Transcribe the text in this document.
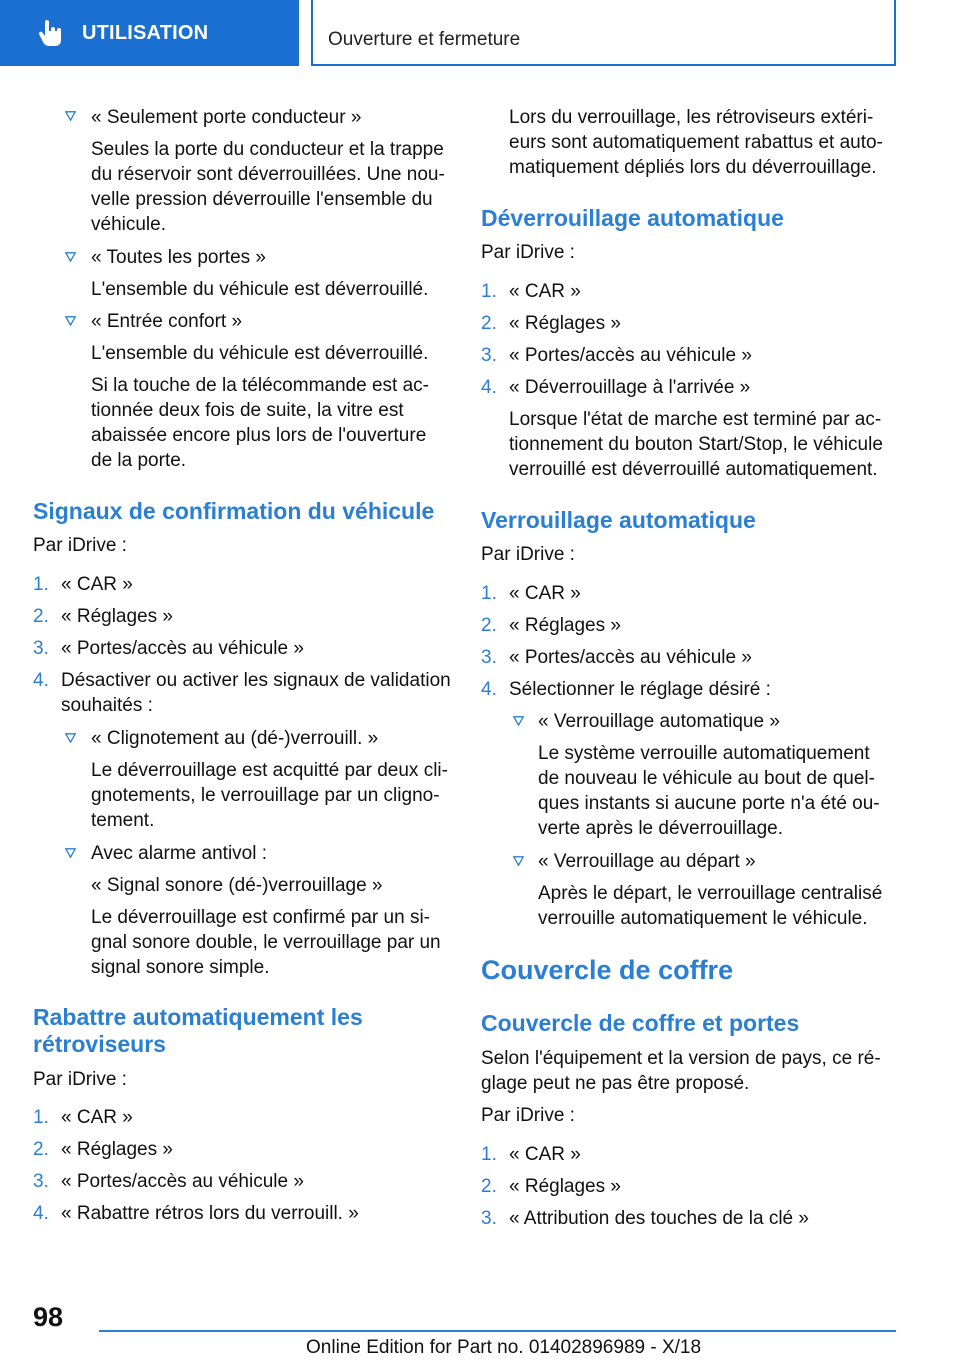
UTILISATION	Ouverture et fermeture
« Seulement porte conducteur »
Seules la porte du conducteur et la trappe
du réservoir sont déverrouillées. Une nou-
velle pression déverrouille l'ensemble du
véhicule.
« Toutes les portes »
L'ensemble du véhicule est déverrouillé.
« Entrée confort »
L'ensemble du véhicule est déverrouillé.
Si la touche de la télécommande est ac-
tionnée deux fois de suite, la vitre est
abaissée encore plus lors de l'ouverture
de la porte.
Signaux de confirmation du véhicule
Par iDrive :
1. « CAR »
2. « Réglages »
3. « Portes/accès au véhicule »
4. Désactiver ou activer les signaux de validation
souhaités :
« Clignotement au (dé-)verrouill. »
Le déverrouillage est acquitté par deux cli-
gnotements, le verrouillage par un cligno-
tement.
Avec alarme antivol :
« Signal sonore (dé-)verrouillage »
Le déverrouillage est confirmé par un si-
gnal sonore double, le verrouillage par un
signal sonore simple.
Rabattre automatiquement les
rétroviseurs
Par iDrive :
1. « CAR »
2. « Réglages »
3. « Portes/accès au véhicule »
4. « Rabattre rétros lors du verrouill. »
Lors du verrouillage, les rétroviseurs extéri-
eurs sont automatiquement rabattus et auto-
matiquement dépliés lors du déverrouillage.
Déverrouillage automatique
Par iDrive :
1. « CAR »
2. « Réglages »
3. « Portes/accès au véhicule »
4. « Déverrouillage à l'arrivée »
Lorsque l'état de marche est terminé par ac-
tionnement du bouton Start/Stop, le véhicule
verrouillé est déverrouillé automatiquement.
Verrouillage automatique
Par iDrive :
1. « CAR »
2. « Réglages »
3. « Portes/accès au véhicule »
4. Sélectionner le réglage désiré :
« Verrouillage automatique »
Le système verrouille automatiquement
de nouveau le véhicule au bout de quel-
ques instants si aucune porte n'a été ou-
verte après le déverrouillage.
« Verrouillage au départ »
Après le départ, le verrouillage centralisé
verrouille automatiquement le véhicule.
Couvercle de coffre
Couvercle de coffre et portes
Selon l'équipement et la version de pays, ce ré-
glage peut ne pas être proposé.
Par iDrive :
1. « CAR »
2. « Réglages »
3. « Attribution des touches de la clé »
98
Online Edition for Part no. 01402896989 - X/18
